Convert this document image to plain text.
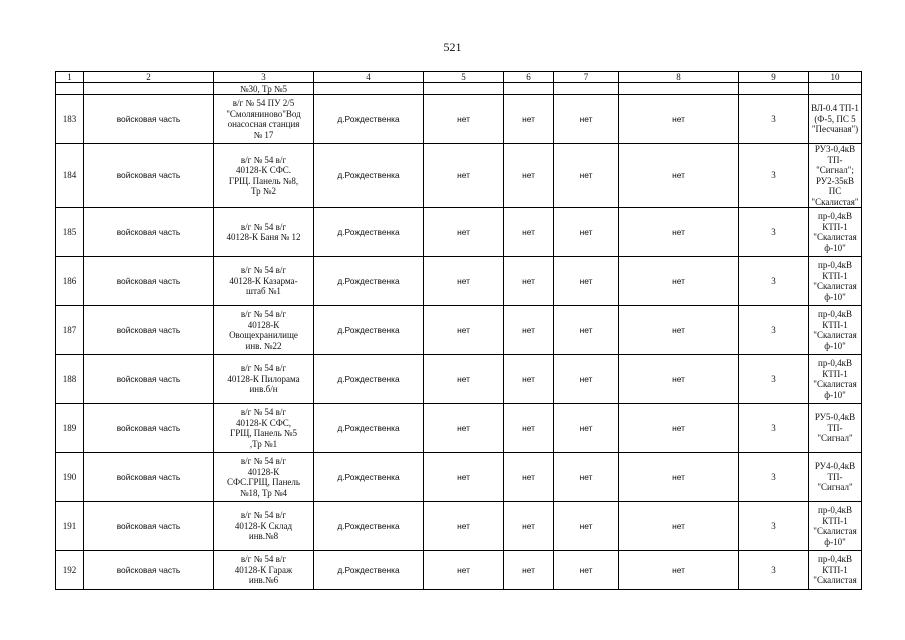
521
1	2	3	4	5	6	7	8	9	10
		№30, Тр №5							
183	войсковая часть	в/г № 54 ПУ 2/5
"Смоляниново"Вод
онасосная станция
№ 17	д.Рождественка	нет	нет	нет	нет	3	ВЛ-0.4 ТП-1
(Ф-5, ПС 5
"Песчаная")
184	войсковая часть	в/г № 54 в/г
40128-К СФС.
ГРЩ. Панель №8,
Тр №2	д.Рождественка	нет	нет	нет	нет	3	РУ3-0,4кВ
ТП-"Сигнал";
РУ2-35кВ ПС
"Скалистая"
185	войсковая часть	в/г № 54 в/г
40128-К Баня № 12	д.Рождественка	нет	нет	нет	нет	3	пр-0,4кВ
КТП-1
"Скалистая
ф-10"
186	войсковая часть	в/г № 54 в/г
40128-К Казарма-
штаб №1	д.Рождественка	нет	нет	нет	нет	3	пр-0,4кВ
КТП-1
"Скалистая
ф-10"
187	войсковая часть	в/г № 54 в/г
40128-К
Овощехранилище
инв. №22	д.Рождественка	нет	нет	нет	нет	3	пр-0,4кВ
КТП-1
"Скалистая
ф-10"
188	войсковая часть	в/г № 54 в/г
40128-К Пилорама
инв.б/н	д.Рождественка	нет	нет	нет	нет	3	пр-0,4кВ
КТП-1
"Скалистая
ф-10"
189	войсковая часть	в/г № 54 в/г
40128-К СФС,
ГРЩ, Панель №5
,Тр №1	д.Рождественка	нет	нет	нет	нет	3	РУ5-0,4кВ
ТП-"Сигнал"
190	войсковая часть	в/г № 54 в/г
40128-К
СФС.ГРЩ, Панель
№18, Тр №4	д.Рождественка	нет	нет	нет	нет	3	РУ4-0,4кВ
ТП-"Сигнал"
191	войсковая часть	в/г № 54 в/г
40128-К Склад
инв.№8	д.Рождественка	нет	нет	нет	нет	3	пр-0,4кВ
КТП-1
"Скалистая
ф-10"
192	войсковая часть	в/г № 54 в/г
40128-К Гараж
инв.№6	д.Рождественка	нет	нет	нет	нет	3	пр-0,4кВ
КТП-1
"Скалистая
